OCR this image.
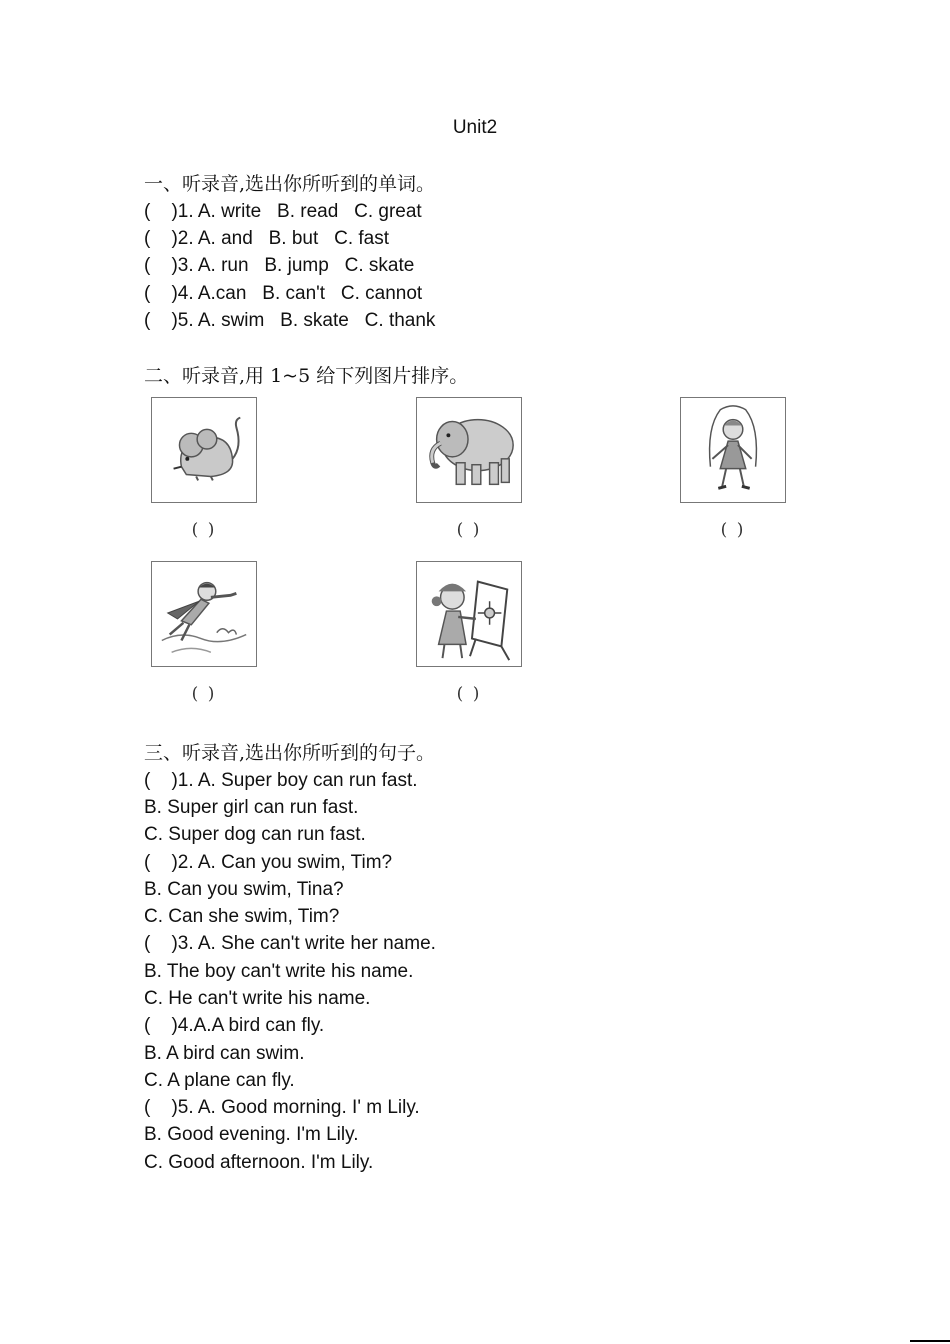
Unit2
一、听录音,选出你所听到的单词。
(    )1. A. write   B. read   C. great
(    )2. A. and   B. but   C. fast
(    )3. A. run   B. jump   C. skate
(    )4. A.can   B. can't   C. cannot
(    )5. A. swim   B. skate   C. thank
二、听录音,用 1~5 给下列图片排序。
( )	( )	( )
( )	( )
三、听录音,选出你所听到的句子。
(    )1. A. Super boy can run fast.
B. Super girl can run fast.
C. Super dog can run fast.
(    )2. A. Can you swim, Tim?
B. Can you swim, Tina?
C. Can she swim, Tim?
(    )3. A. She can't write her name.
B. The boy can't write his name.
C. He can't write his name.
(    )4.A.A bird can fly.
B. A bird can swim.
C. A plane can fly.
(    )5. A. Good morning. I' m Lily.
B. Good evening. I'm Lily.
C. Good afternoon. I'm Lily.
